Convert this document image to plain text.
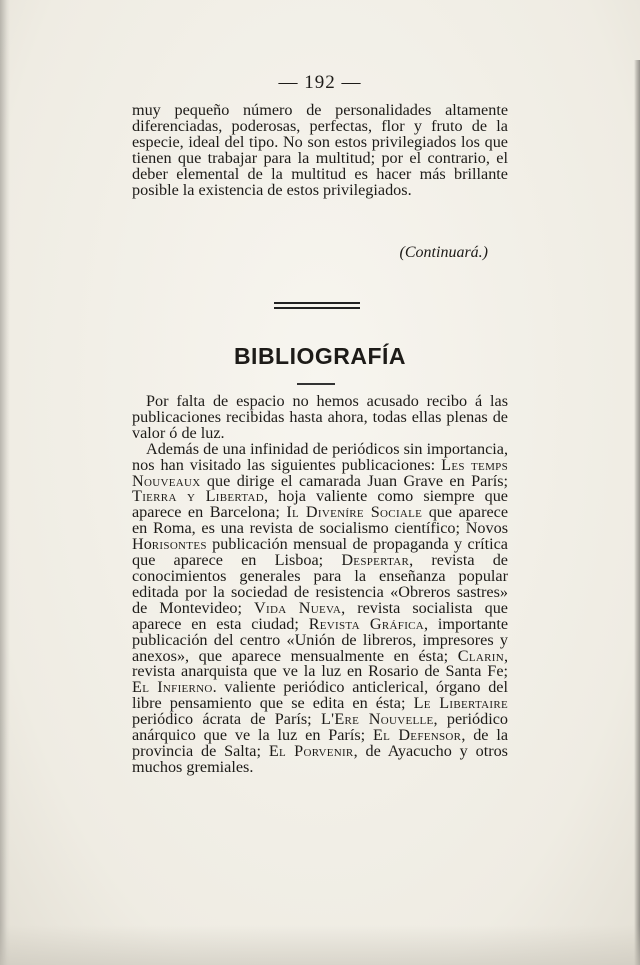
— 192 —

muy pequeño número de personalidades altamente diferenciadas, poderosas, perfectas, flor y fruto de la especie, ideal del tipo. No son estos privilegiados los que tienen que trabajar para la multitud; por el contrario, el deber elemental de la multitud es hacer más brillante posible la existencia de estos privilegiados.

(Continuará.)
BIBLIOGRAFÍA

Por falta de espacio no hemos acusado recibo á las publicaciones recibidas hasta ahora, todas ellas plenas de valor ó de luz.

Además de una infinidad de periódicos sin importancia, nos han visitado las siguientes publicaciones: Les temps Nouveaux que dirige el camarada Juan Grave en París; Tierra y Libertad, hoja valiente como siempre que aparece en Barcelona; Il Diveníre Sociale que aparece en Roma, es una revista de socialismo científico; Novos Horisontes publicación mensual de propaganda y crítica que aparece en Lisboa; Despertar, revista de conocimientos generales para la enseñanza popular editada por la sociedad de resistencia «Obreros sastres» de Montevideo; Vida Nueva, revista socialista que aparece en esta ciudad; Revista Gráfica, importante publicación del centro «Unión de libreros, impresores y anexos», que aparece mensualmente en ésta; Clarin, revista anarquista que ve la luz en Rosario de Santa Fe; El Infierno. valiente periódico anticlerical, órgano del libre pensamiento que se edita en ésta; Le Libertaire periódico ácrata de París; L'Ere Nouvelle, periódico anárquico que ve la luz en París; El Defensor, de la provincia de Salta; El Porvenir, de Ayacucho y otros muchos gremiales.
